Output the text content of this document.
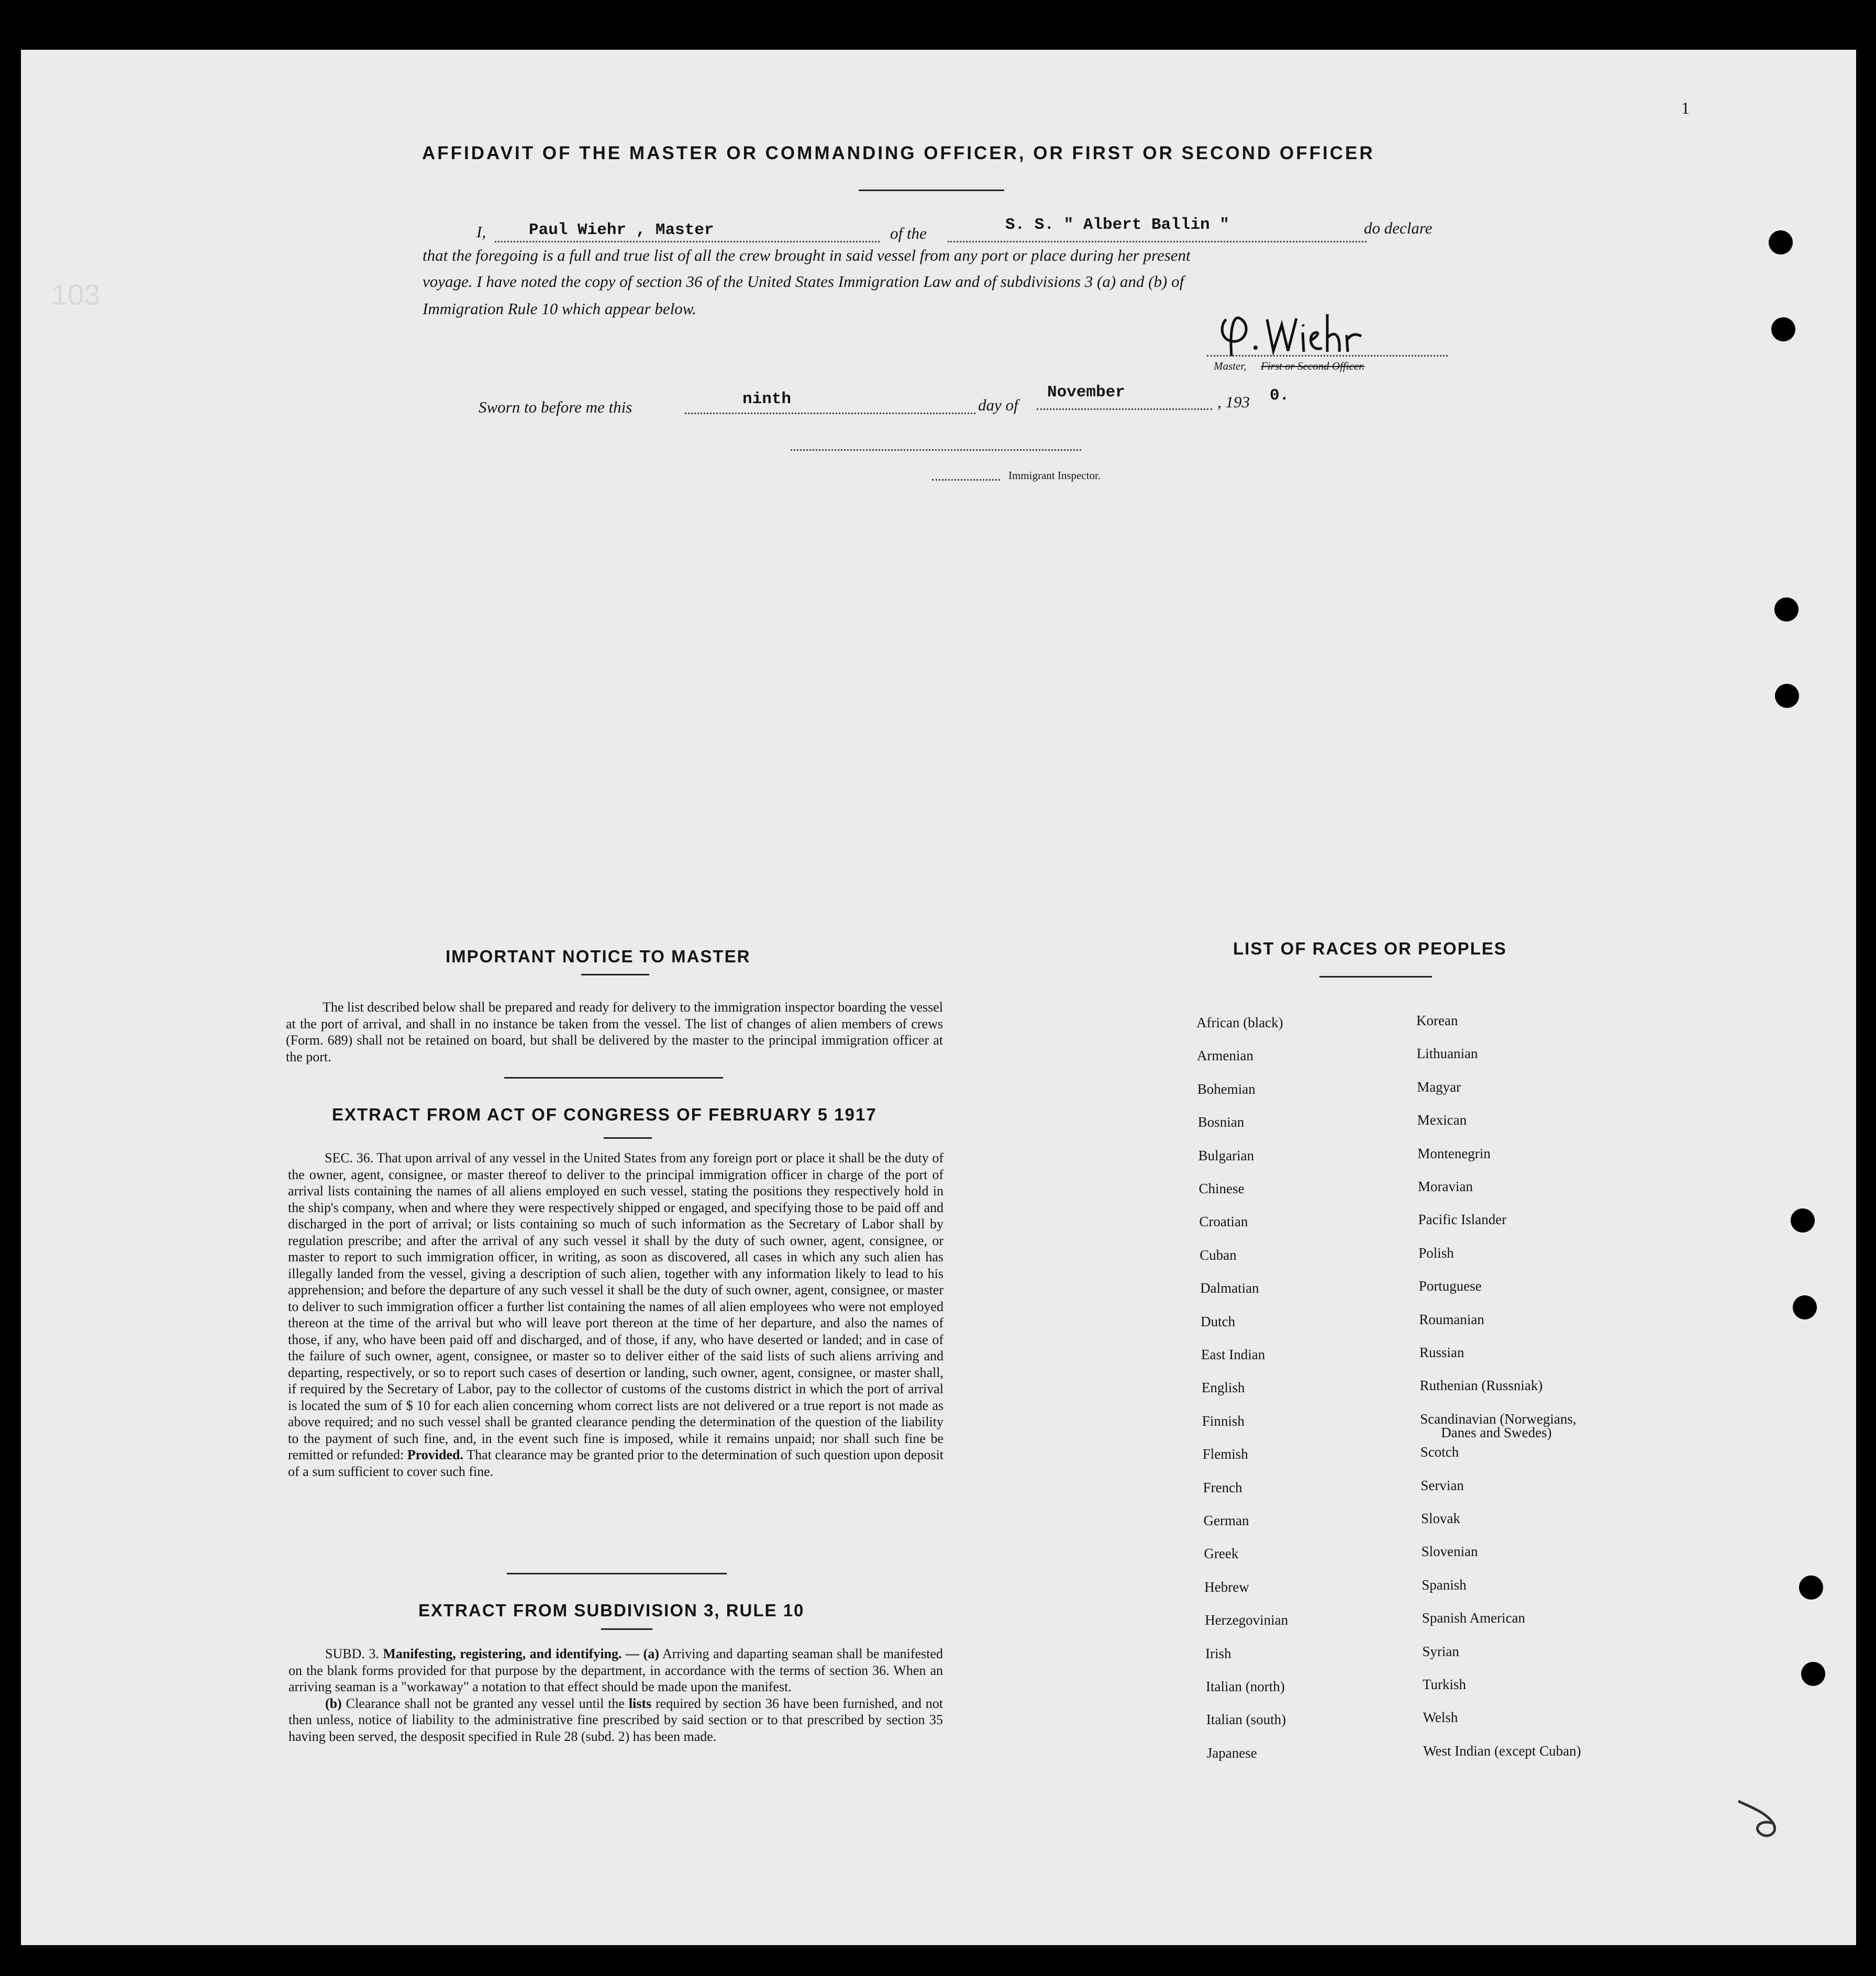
1
103
AFFIDAVIT OF THE MASTER OR COMMANDING OFFICER, OR FIRST OR SECOND OFFICER
I,	Paul Wiehr , Master	of the	S. S. " Albert Ballin "	do declare
that the foregoing is a full and true list of all the crew brought in said vessel from any port or place during her present
voyage. I have noted the copy of section 36 of the United States Immigration Law and of subdivisions 3 (a) and (b) of
Immigration Rule 10 which appear below.
Master, First or Second Officer.
Sworn to before me this	ninth	day of
November
, 193 0.
Immigrant Inspector.
IMPORTANT NOTICE TO MASTER

The list described below shall be prepared and ready for delivery to the immigration inspector boarding the vessel at the port of arrival, and shall in no instance be taken from the vessel. The list of changes of alien members of crews (Form. 689) shall not be retained on board, but shall be delivered by the master to the principal immigration officer at the port.

EXTRACT FROM ACT OF CONGRESS OF FEBRUARY 5 1917

SEC. 36. That upon arrival of any vessel in the United States from any foreign port or place it shall be the duty of the owner, agent, consignee, or master thereof to deliver to the principal immigration officer in charge of the port of arrival lists containing the names of all aliens employed en such vessel, stating the positions they respectively hold in the ship's company, when and where they were respectively shipped or engaged, and specifying those to be paid off and discharged in the port of arrival; or lists containing so much of such information as the Secretary of Labor shall by regulation prescribe; and after the arrival of any such vessel it shall by the duty of such owner, agent, consignee, or master to report to such immigration officer, in writing, as soon as discovered, all cases in which any such alien has illegally landed from the vessel, giving a description of such alien, together with any information likely to lead to his apprehension; and before the departure of any such vessel it shall be the duty of such owner, agent, consignee, or master to deliver to such immigration officer a further list containing the names of all alien employees who were not employed thereon at the time of the arrival but who will leave port thereon at the time of her departure, and also the names of those, if any, who have been paid off and discharged, and of those, if any, who have deserted or landed; and in case of the failure of such owner, agent, consignee, or master so to deliver either of the said lists of such aliens arriving and departing, respectively, or so to report such cases of desertion or landing, such owner, agent, consignee, or master shall, if required by the Secretary of Labor, pay to the collector of customs of the customs district in which the port of arrival is located the sum of $ 10 for each alien concerning whom correct lists are not delivered or a true report is not made as above required; and no such vessel shall be granted clearance pending the determination of the question of the liability to the payment of such fine, and, in the event such fine is imposed, while it remains unpaid; nor shall such fine be remitted or refunded: Provided. That clearance may be granted prior to the determination of such question upon deposit of a sum sufficient to cover such fine.

EXTRACT FROM SUBDIVISION 3, RULE 10

SUBD. 3. Manifesting, registering, and identifying. — (a) Arriving and daparting seaman shall be manifested on the blank forms provided for that purpose by the department, in accordance with the terms of section 36. When an arriving seaman is a "workaway" a notation to that effect should be made upon the manifest.

(b) Clearance shall not be granted any vessel until the lists required by section 36 have been furnished, and not then unless, notice of liability to the administrative fine prescribed by said section or to that prescribed by section 35 having been served, the desposit specified in Rule 28 (subd. 2) has been made.

LIST OF RACES OR PEOPLES
African (black)
Armenian
Bohemian
Bosnian
Bulgarian
Chinese
Croatian
Cuban
Dalmatian
Dutch
East Indian
English
Finnish
Flemish
French
German
Greek
Hebrew
Herzegovinian
Irish
Italian (north)
Italian (south)
Japanese
Korean
Lithuanian
Magyar
Mexican
Montenegrin
Moravian
Pacific Islander
Polish
Portuguese
Roumanian
Russian
Ruthenian (Russniak)
Scandinavian (Norwegians,
Danes and Swedes)
Scotch
Servian
Slovak
Slovenian
Spanish
Spanish American
Syrian
Turkish
Welsh
West Indian (except Cuban)
